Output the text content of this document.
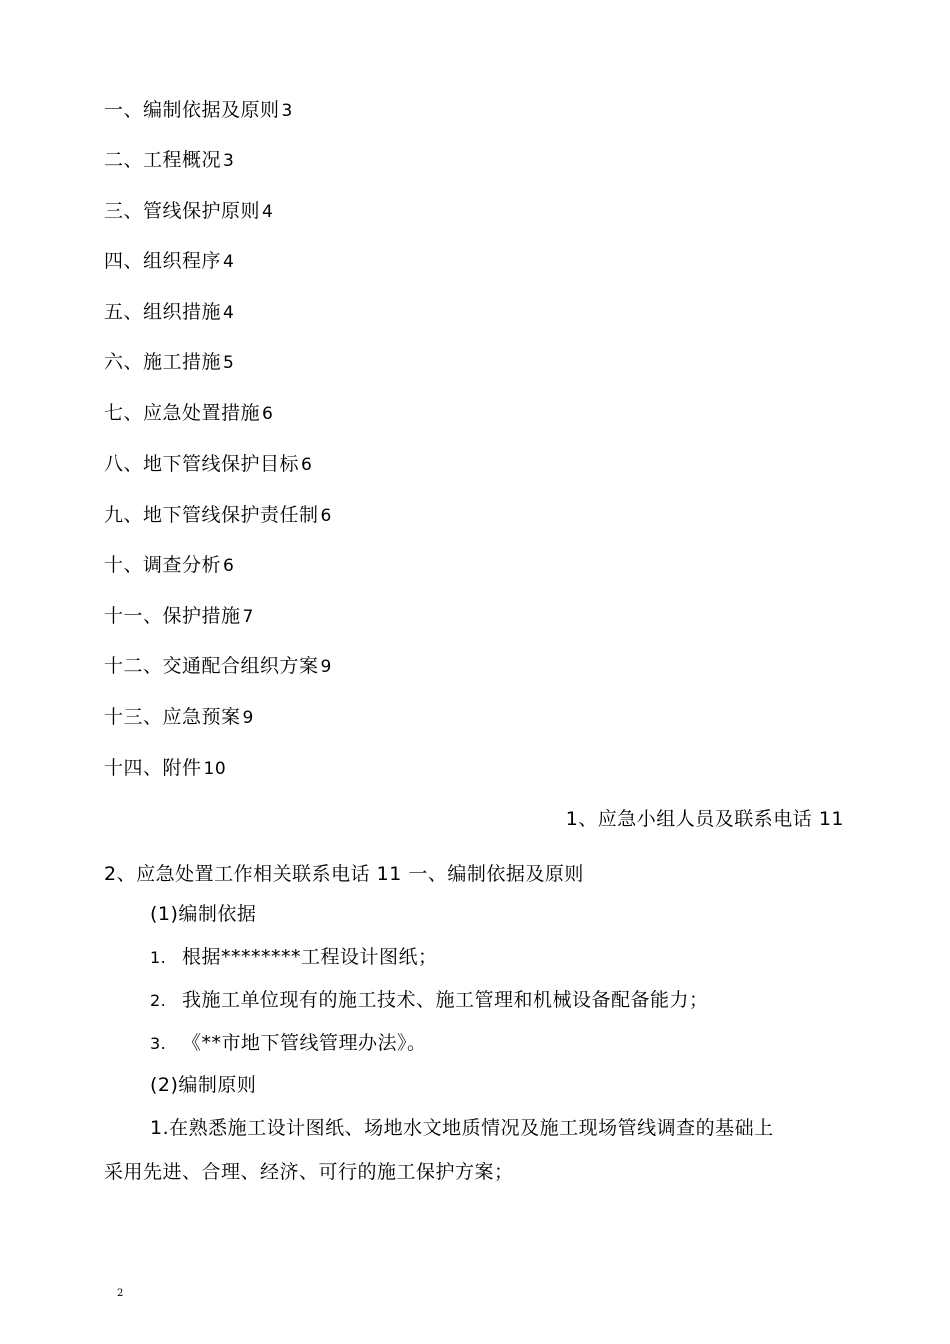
一、编制依据及原则 3
二、工程概况 3
三、管线保护原则 4
四、组织程序 4
五、组织措施 4
六、施工措施 5
七、应急处置措施 6
八、地下管线保护目标 6
九、地下管线保护责任制 6
十、调查分析 6
十一、保护措施 7
十二、交通配合组织方案 9
十三、应急预案 9
十四、附件 10
1、应急小组人员及联系电话 11
2、应急处置工作相关联系电话 11 一、编制依据及原则
(1)编制依据
1. 根据********工程设计图纸；
2. 我施工单位现有的施工技术、施工管理和机械设备配备能力；
3. 《**市地下管线管理办法》。
(2)编制原则
1.在熟悉施工设计图纸、场地水文地质情况及施工现场管线调查的基础上
采用先进、合理、经济、可行的施工保护方案；
2
